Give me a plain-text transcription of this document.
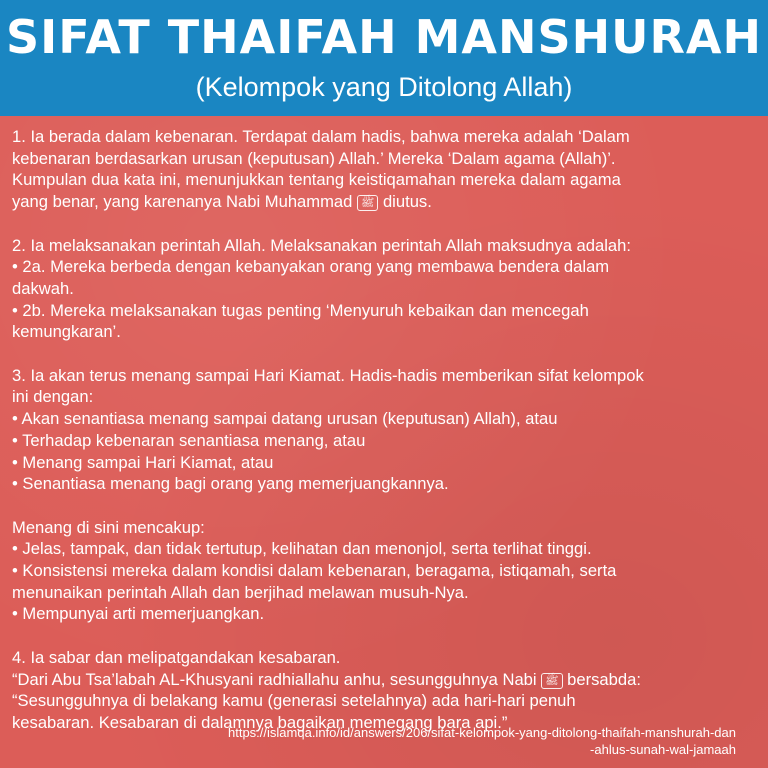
SIFAT THAIFAH MANSHURAH

(Kelompok yang Ditolong Allah)

1. Ia berada dalam kebenaran. Terdapat dalam hadis, bahwa mereka adalah ‘Dalam
kebenaran berdasarkan urusan (keputusan) Allah.’ Mereka ‘Dalam agama (Allah)’.
Kumpulan dua kata ini, menunjukkan tentang keistiqamahan mereka dalam agama
yang benar, yang karenanya Nabi Muhammad ﷺ diutus.
2. Ia melaksanakan perintah Allah. Melaksanakan perintah Allah maksudnya adalah:
• 2a. Mereka berbeda dengan kebanyakan orang yang membawa bendera dalam
dakwah.
• 2b. Mereka melaksanakan tugas penting ‘Menyuruh kebaikan dan mencegah
kemungkaran’.
3. Ia akan terus menang sampai Hari Kiamat. Hadis-hadis memberikan sifat kelompok
ini dengan:
• Akan senantiasa menang sampai datang urusan (keputusan) Allah), atau
• Terhadap kebenaran senantiasa menang, atau
• Menang sampai Hari Kiamat, atau
• Senantiasa menang bagi orang yang memerjuangkannya.
Menang di sini mencakup:
• Jelas, tampak, dan tidak tertutup, kelihatan dan menonjol, serta terlihat tinggi.
• Konsistensi mereka dalam kondisi dalam kebenaran, beragama, istiqamah, serta
menunaikan perintah Allah dan berjihad melawan musuh-Nya.
• Mempunyai arti memerjuangkan.
4. Ia sabar dan melipatgandakan kesabaran.
“Dari Abu Tsa’labah AL-Khusyani radhiallahu anhu, sesungguhnya Nabi ﷺ bersabda:
“Sesungguhnya di belakang kamu (generasi setelahnya) ada hari-hari penuh
kesabaran. Kesabaran di dalamnya bagaikan memegang bara api.”
https://islamqa.info/id/answers/206/sifat-kelompok-yang-ditolong-thaifah-manshurah-dan
-ahlus-sunah-wal-jamaah
